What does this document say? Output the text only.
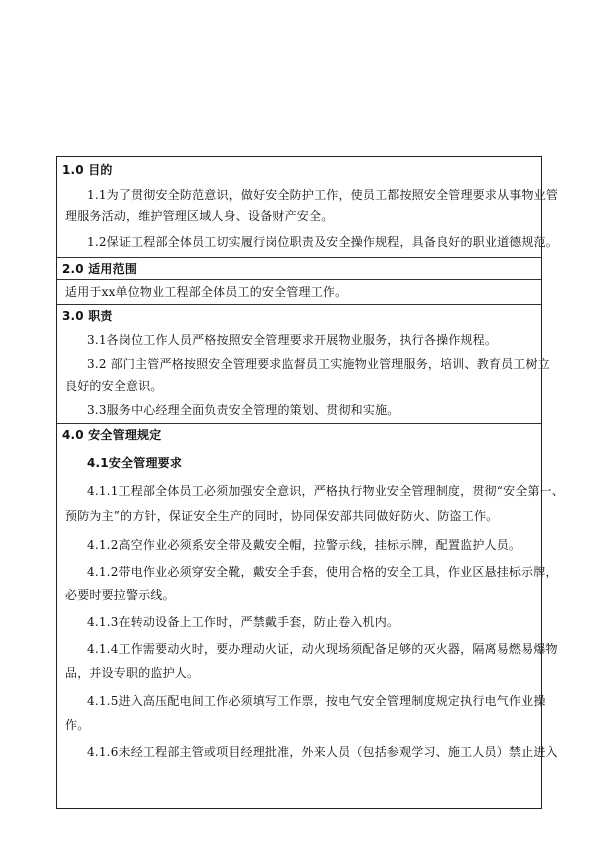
1.0 目的
1.1为了贯彻安全防范意识，做好安全防护工作，使员工都按照安全管理要求从事物业管
理服务活动，维护管理区域人身、设备财产安全。
1.2保证工程部全体员工切实履行岗位职责及安全操作规程，具备良好的职业道德规范。
2.0 适用范围
适用于xx单位物业工程部全体员工的安全管理工作。
3.0 职责
3.1各岗位工作人员严格按照安全管理要求开展物业服务，执行各操作规程。
3.2 部门主管严格按照安全管理要求监督员工实施物业管理服务，培训、教育员工树立
良好的安全意识。
3.3服务中心经理全面负责安全管理的策划、贯彻和实施。
4.0 安全管理规定
4.1安全管理要求
4.1.1工程部全体员工必须加强安全意识，严格执行物业安全管理制度，贯彻“安全第一、
预防为主”的方针，保证安全生产的同时，协同保安部共同做好防火、防盗工作。
4.1.2高空作业必须系安全带及戴安全帽，拉警示线，挂标示牌，配置监护人员。
4.1.2带电作业必须穿安全靴，戴安全手套，使用合格的安全工具，作业区悬挂标示牌，
必要时要拉警示线。
4.1.3在转动设备上工作时，严禁戴手套，防止卷入机内。
4.1.4工作需要动火时，要办理动火证，动火现场须配备足够的灭火器，隔离易燃易爆物
品，并设专职的监护人。
4.1.5进入高压配电间工作必须填写工作票，按电气安全管理制度规定执行电气作业操
作。
4.1.6未经工程部主管或项目经理批准，外来人员（包括参观学习、施工人员）禁止进入
